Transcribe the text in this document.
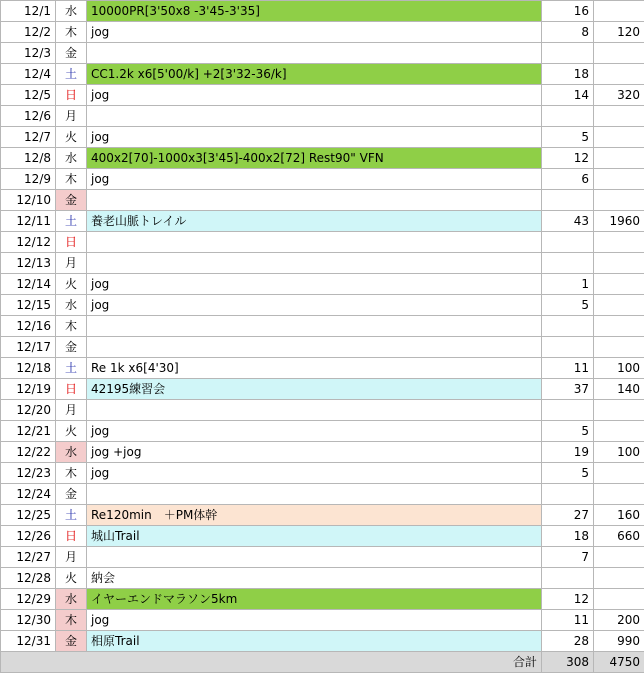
12/1	水	10000PR[3'50x8 -3'45-3'35]	16	
12/2	木	jog	8	120
12/3	金			
12/4	土	CC1.2k x6[5'00/k] +2[3'32-36/k]	18	
12/5	日	jog	14	320
12/6	月			
12/7	火	jog	5	
12/8	水	400x2[70]-1000x3[3'45]-400x2[72] Rest90" VFN	12	
12/9	木	jog	6	
12/10	金			
12/11	土	養老山脈トレイル	43	1960
12/12	日			
12/13	月			
12/14	火	jog	1	
12/15	水	jog	5	
12/16	木			
12/17	金			
12/18	土	Re 1k x6[4'30]	11	100
12/19	日	42195練習会	37	140
12/20	月			
12/21	火	jog	5	
12/22	水	jog +jog	19	100
12/23	木	jog	5	
12/24	金			
12/25	土	Re120min　＋PM体幹	27	160
12/26	日	城山Trail	18	660
12/27	月		7	
12/28	火	納会		
12/29	水	イヤーエンドマラソン5km	12	
12/30	木	jog	11	200
12/31	金	相原Trail	28	990
合計			308	4750
